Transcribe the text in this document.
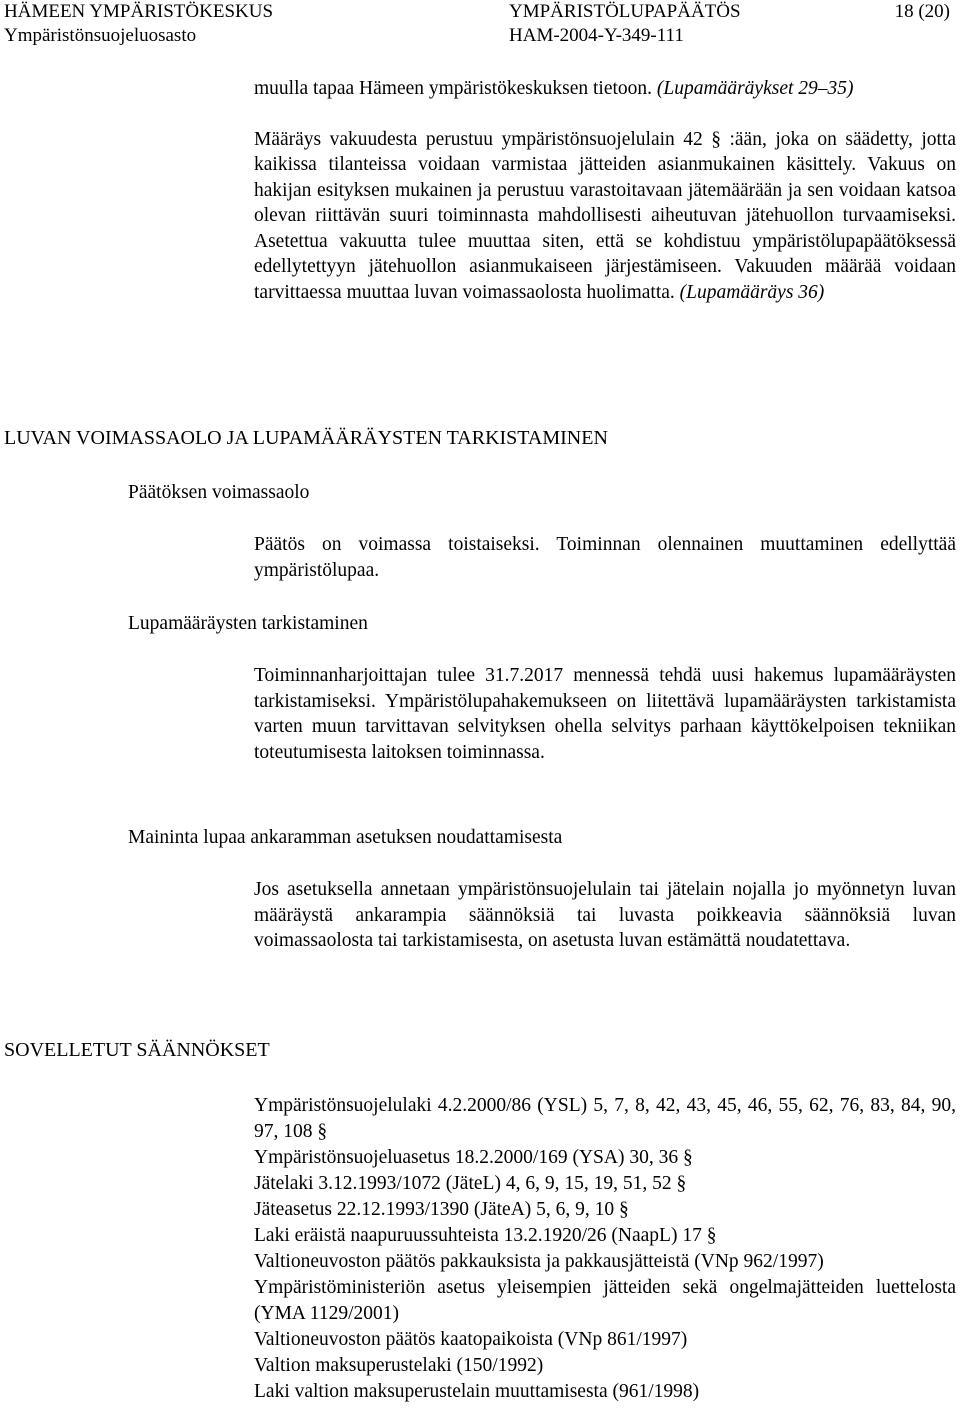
HÄMEEN YMPÄRISTÖKESKUS
Ympäristönsuojeluosasto
YMPÄRISTÖLUPAPÄÄTÖS
HAM-2004-Y-349-111
18 (20)

muulla tapaa Hämeen ympäristökeskuksen tietoon. (Lupamääräykset 29–35)

Määräys vakuudesta perustuu ympäristönsuojelulain 42 § :ään, joka on säädetty, jotta kaikissa tilanteissa voidaan varmistaa jätteiden asianmukainen käsittely. Vakuus on hakijan esityksen mukainen ja perustuu varastoitavaan jätemäärään ja sen voidaan katsoa olevan riittävän suuri toiminnasta mahdollisesti aiheutuvan jätehuollon turvaamiseksi. Asetettua vakuutta tulee muuttaa siten, että se kohdistuu ympäristölupapäätöksessä edellytettyyn jätehuollon asianmukaiseen järjestämiseen. Vakuuden määrää voidaan tarvittaessa muuttaa luvan voimassaolosta huolimatta. (Lupamääräys 36)

LUVAN VOIMASSAOLO JA LUPAMÄÄRÄYSTEN TARKISTAMINEN
Päätöksen voimassaolo

Päätös on voimassa toistaiseksi. Toiminnan olennainen muuttaminen edellyttää ympäristölupaa.

Lupamääräysten tarkistaminen

Toiminnanharjoittajan tulee 31.7.2017 mennessä tehdä uusi hakemus lupamääräysten tarkistamiseksi. Ympäristölupahakemukseen on liitettävä lupamääräysten tarkistamista varten muun tarvittavan selvityksen ohella selvitys parhaan käyttökelpoisen tekniikan toteutumisesta laitoksen toiminnassa.

Maininta lupaa ankaramman asetuksen noudattamisesta

Jos asetuksella annetaan ympäristönsuojelulain tai jätelain nojalla jo myönnetyn luvan määräystä ankarampia säännöksiä tai luvasta poikkeavia säännöksiä luvan voimassaolosta tai tarkistamisesta, on asetusta luvan estämättä noudatettava.

SOVELLETUT SÄÄNNÖKSET

Ympäristönsuojelulaki 4.2.2000/86 (YSL) 5, 7, 8, 42, 43, 45, 46, 55, 62, 76, 83, 84, 90, 97, 108 §

Ympäristönsuojeluasetus 18.2.2000/169 (YSA) 30, 36 §

Jätelaki 3.12.1993/1072 (JäteL) 4, 6, 9, 15, 19, 51, 52 §

Jäteasetus 22.12.1993/1390 (JäteA) 5, 6, 9, 10 §

Laki eräistä naapuruussuhteista 13.2.1920/26 (NaapL) 17 §

Valtioneuvoston päätös pakkauksista ja pakkausjätteistä (VNp 962/1997)

Ympäristöministeriön asetus yleisempien jätteiden sekä ongelmajätteiden luettelosta (YMA 1129/2001)

Valtioneuvoston päätös kaatopaikoista (VNp 861/1997)

Valtion maksuperustelaki (150/1992)

Laki valtion maksuperustelain muuttamisesta (961/1998)
